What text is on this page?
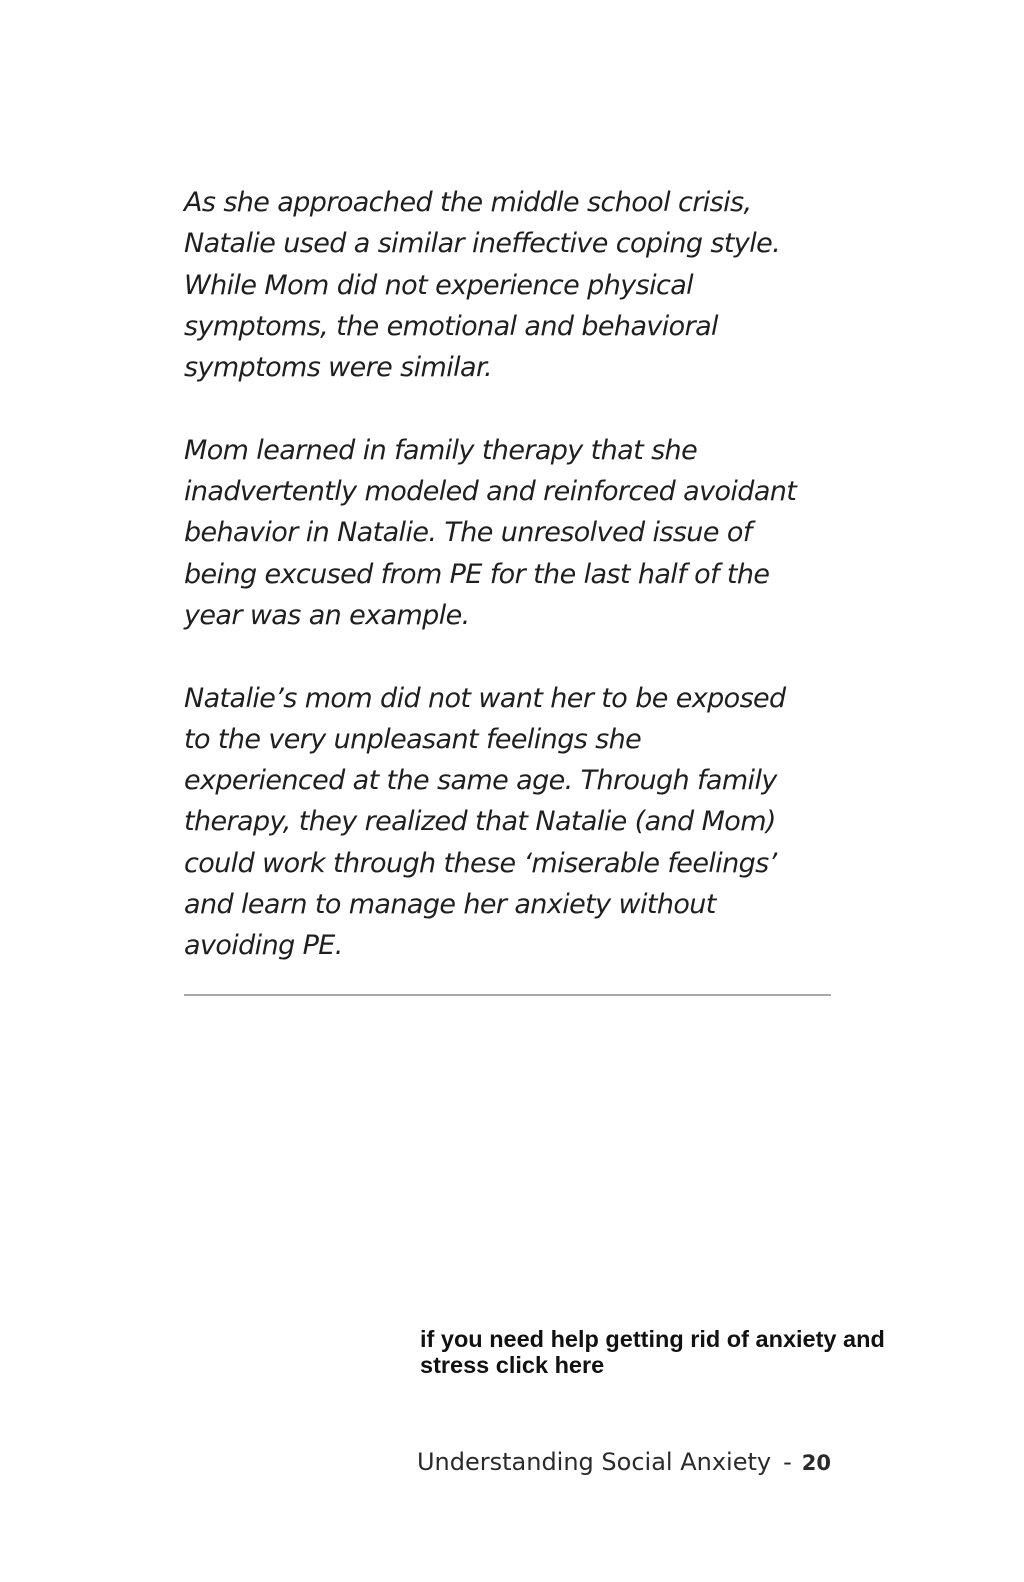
As she approached the middle school crisis,
Natalie used a similar ineffective coping style.
While Mom did not experience physical
symptoms, the emotional and behavioral
symptoms were similar.

Mom learned in family therapy that she
inadvertently modeled and reinforced avoidant
behavior in Natalie. The unresolved issue of
being excused from PE for the last half of the
year was an example.

Natalie’s mom did not want her to be exposed
to the very unpleasant feelings she
experienced at the same age. Through family
therapy, they realized that Natalie (and Mom)
could work through these ‘miserable feelings’
and learn to manage her anxiety without
avoiding PE.

if you need help getting rid of anxiety and stress click here
Understanding Social Anxiety - 20
